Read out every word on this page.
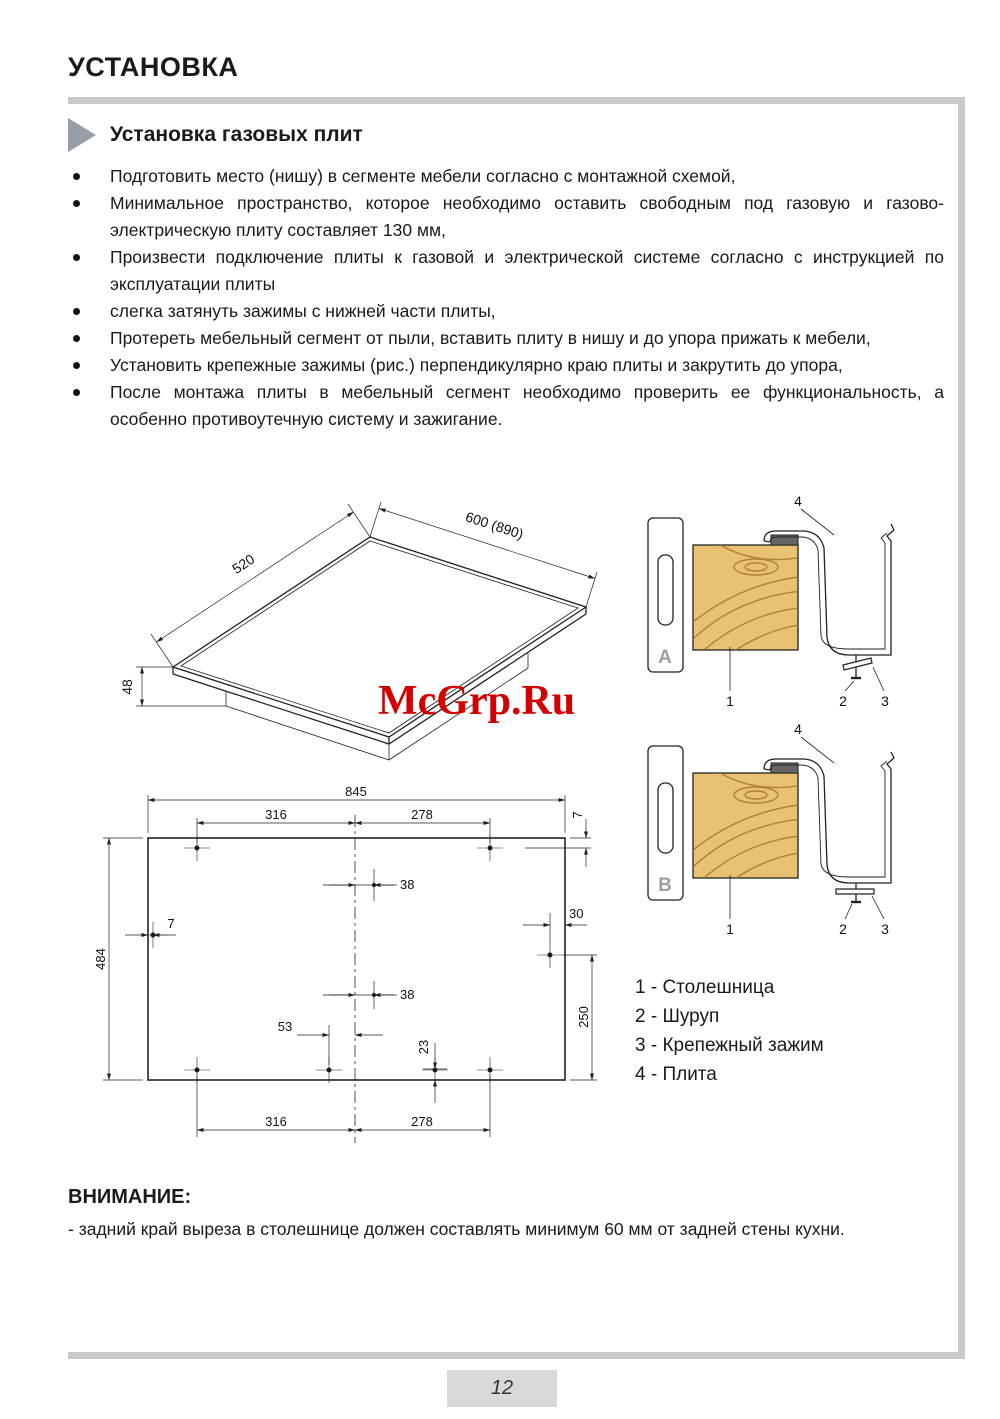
УСТАНОВКА
Установка газовых плит
Подготовить место (нишу) в сегменте мебели согласно с монтажной схемой,
Минимальное пространство, которое необходимо оставить свободным под газовую и газово-электрическую плиту составляет 130 мм,
Произвести подключение плиты к газовой и электрической системе согласно с инструкцией по эксплуатации плиты
слегка затянуть зажимы с нижней части плиты,
Протереть мебельный сегмент от пыли, вставить плиту в нишу и до упора прижать к мебели,
Установить крепежные зажимы (рис.) перпендикулярно краю плиты и закрутить до упора,
После монтажа плиты в мебельный сегмент необходимо проверить ее функциональность, а особенно противоутечную систему и зажигание.
520
600 (890)
48	McGrp.Ru
845
316	278	7
38
7
30
484
250
38
53
23
316	278
A
4
1	2 3
B
4
1	2 3
1 - Столешница
2 - Шуруп
3 - Крепежный зажим
4 - Плита
ВНИМАНИЕ:
- задний край выреза в столешнице должен составлять минимум 60 мм от задней стены кухни.
12
